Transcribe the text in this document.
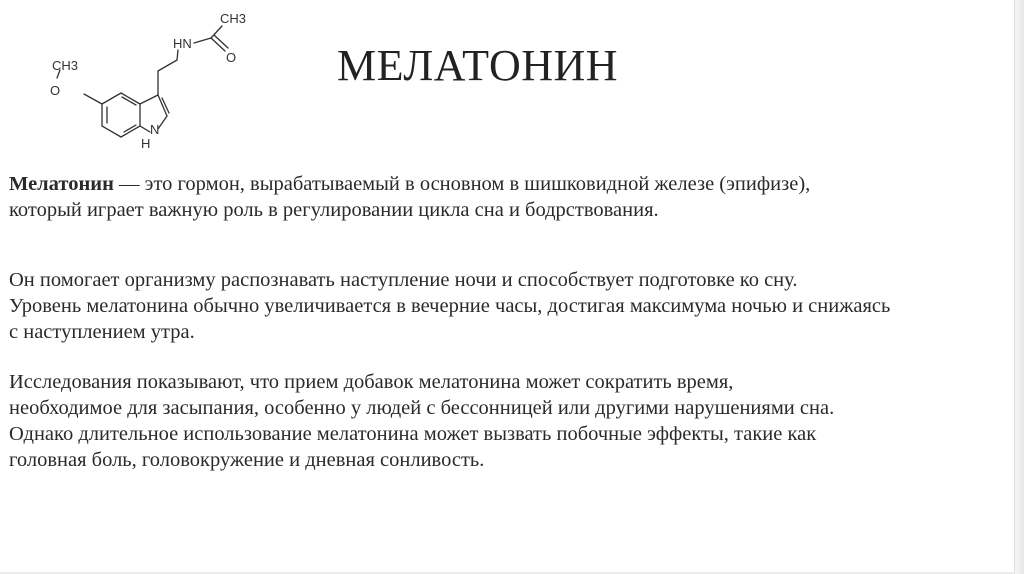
CH3
O
HN
CH3
O
N
H
МЕЛАТОНИН

Мелатонин — это гормон, вырабатываемый в основном в шишковидной железе (эпифизе),
который играет важную роль в регулировании цикла сна и бодрствования.

Он помогает организму распознавать наступление ночи и способствует подготовке ко сну.
Уровень мелатонина обычно увеличивается в вечерние часы, достигая максимума ночью и снижаясь
с наступлением утра.

Исследования показывают, что прием добавок мелатонина может сократить время,
необходимое для засыпания, особенно у людей с бессонницей или другими нарушениями сна.
Однако длительное использование мелатонина может вызвать побочные эффекты, такие как
головная боль, головокружение и дневная сонливость.
